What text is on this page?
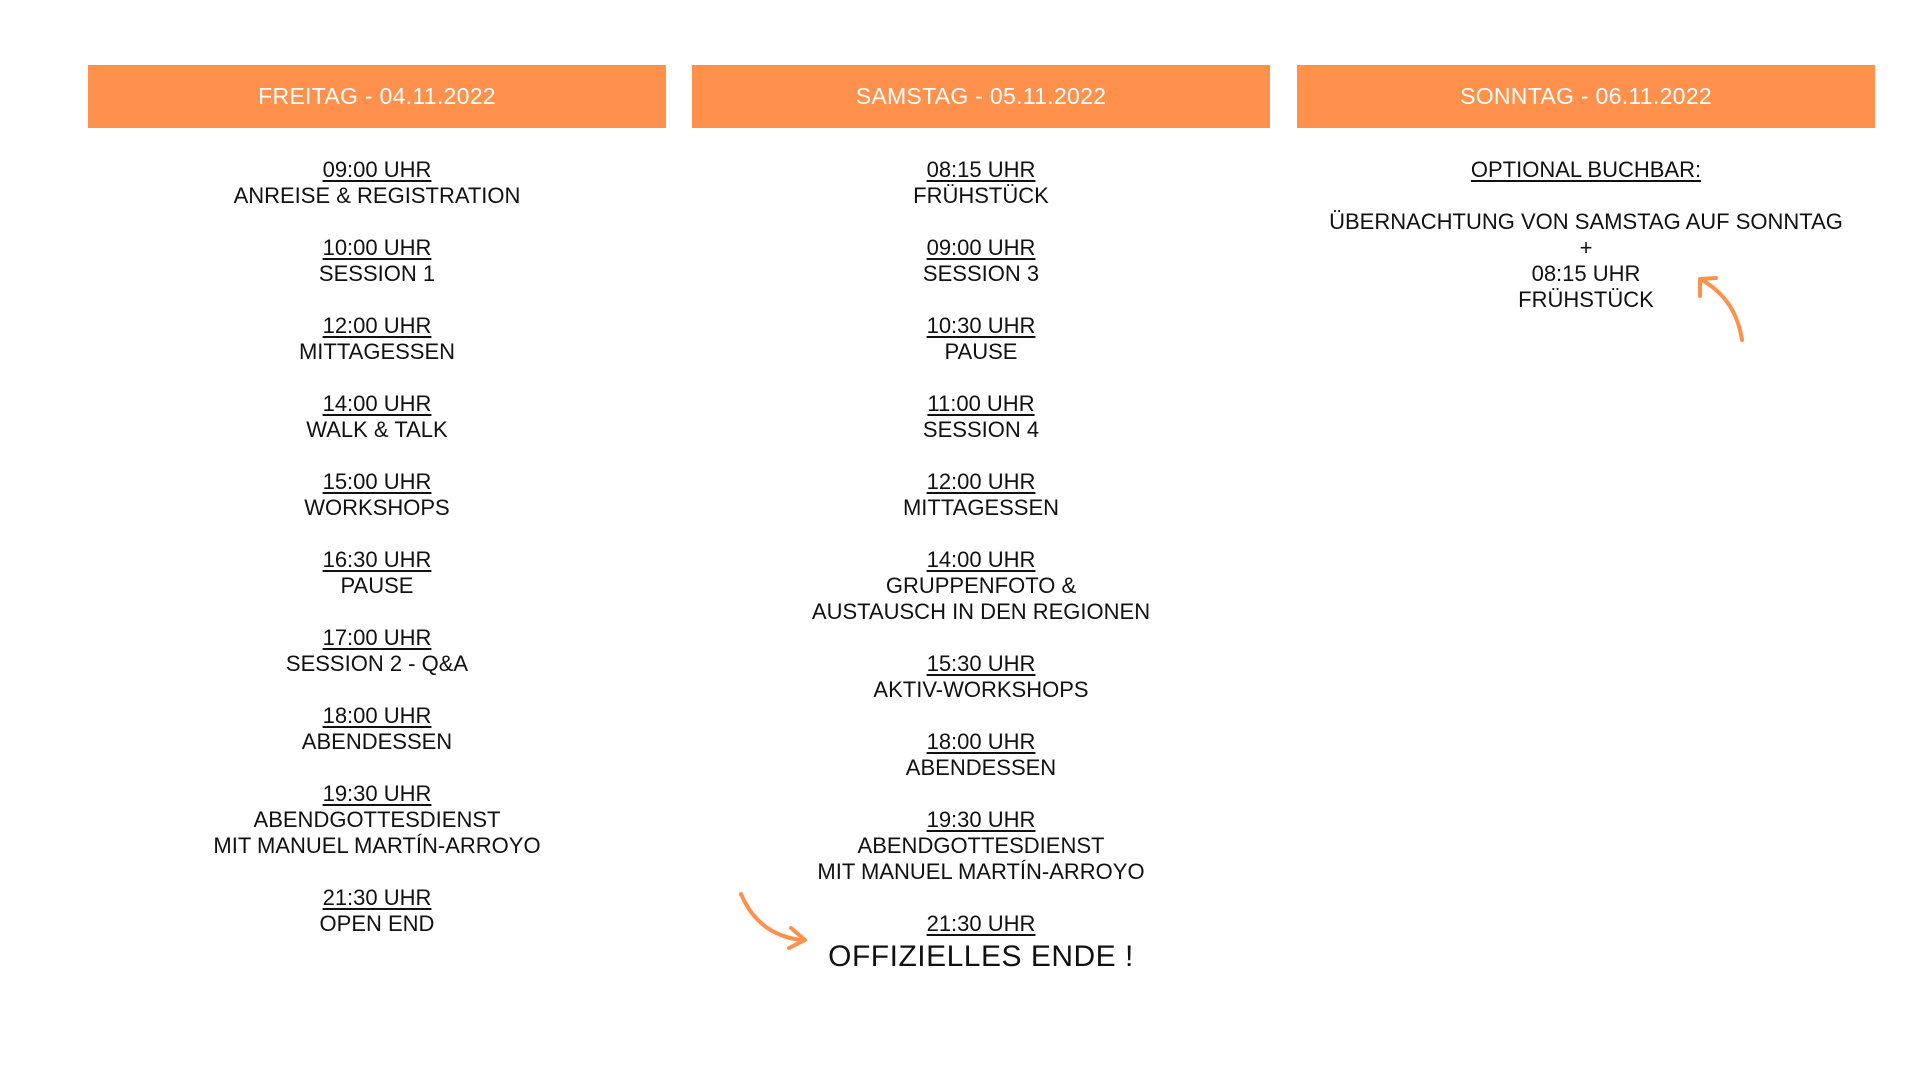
FREITAG - 04.11.2022
09:00 UHR
ANREISE & REGISTRATION
10:00 UHR
SESSION 1
12:00 UHR
MITTAGESSEN
14:00 UHR
WALK & TALK
15:00 UHR
WORKSHOPS
16:30 UHR
PAUSE
17:00 UHR
SESSION 2 - Q&A
18:00 UHR
ABENDESSEN
19:30 UHR
ABENDGOTTESDIENST
MIT MANUEL MARTÍN-ARROYO
21:30 UHR
OPEN END
SAMSTAG - 05.11.2022
08:15 UHR
FRÜHSTÜCK
09:00 UHR
SESSION 3
10:30 UHR
PAUSE
11:00 UHR
SESSION 4
12:00 UHR
MITTAGESSEN
14:00 UHR
GRUPPENFOTO &
AUSTAUSCH IN DEN REGIONEN
15:30 UHR
AKTIV-WORKSHOPS
18:00 UHR
ABENDESSEN
19:30 UHR
ABENDGOTTESDIENST
MIT MANUEL MARTÍN-ARROYO
21:30 UHR
OFFIZIELLES ENDE !
SONNTAG - 06.11.2022
OPTIONAL BUCHBAR:
ÜBERNACHTUNG VON SAMSTAG AUF SONNTAG
+
08:15 UHR
FRÜHSTÜCK
